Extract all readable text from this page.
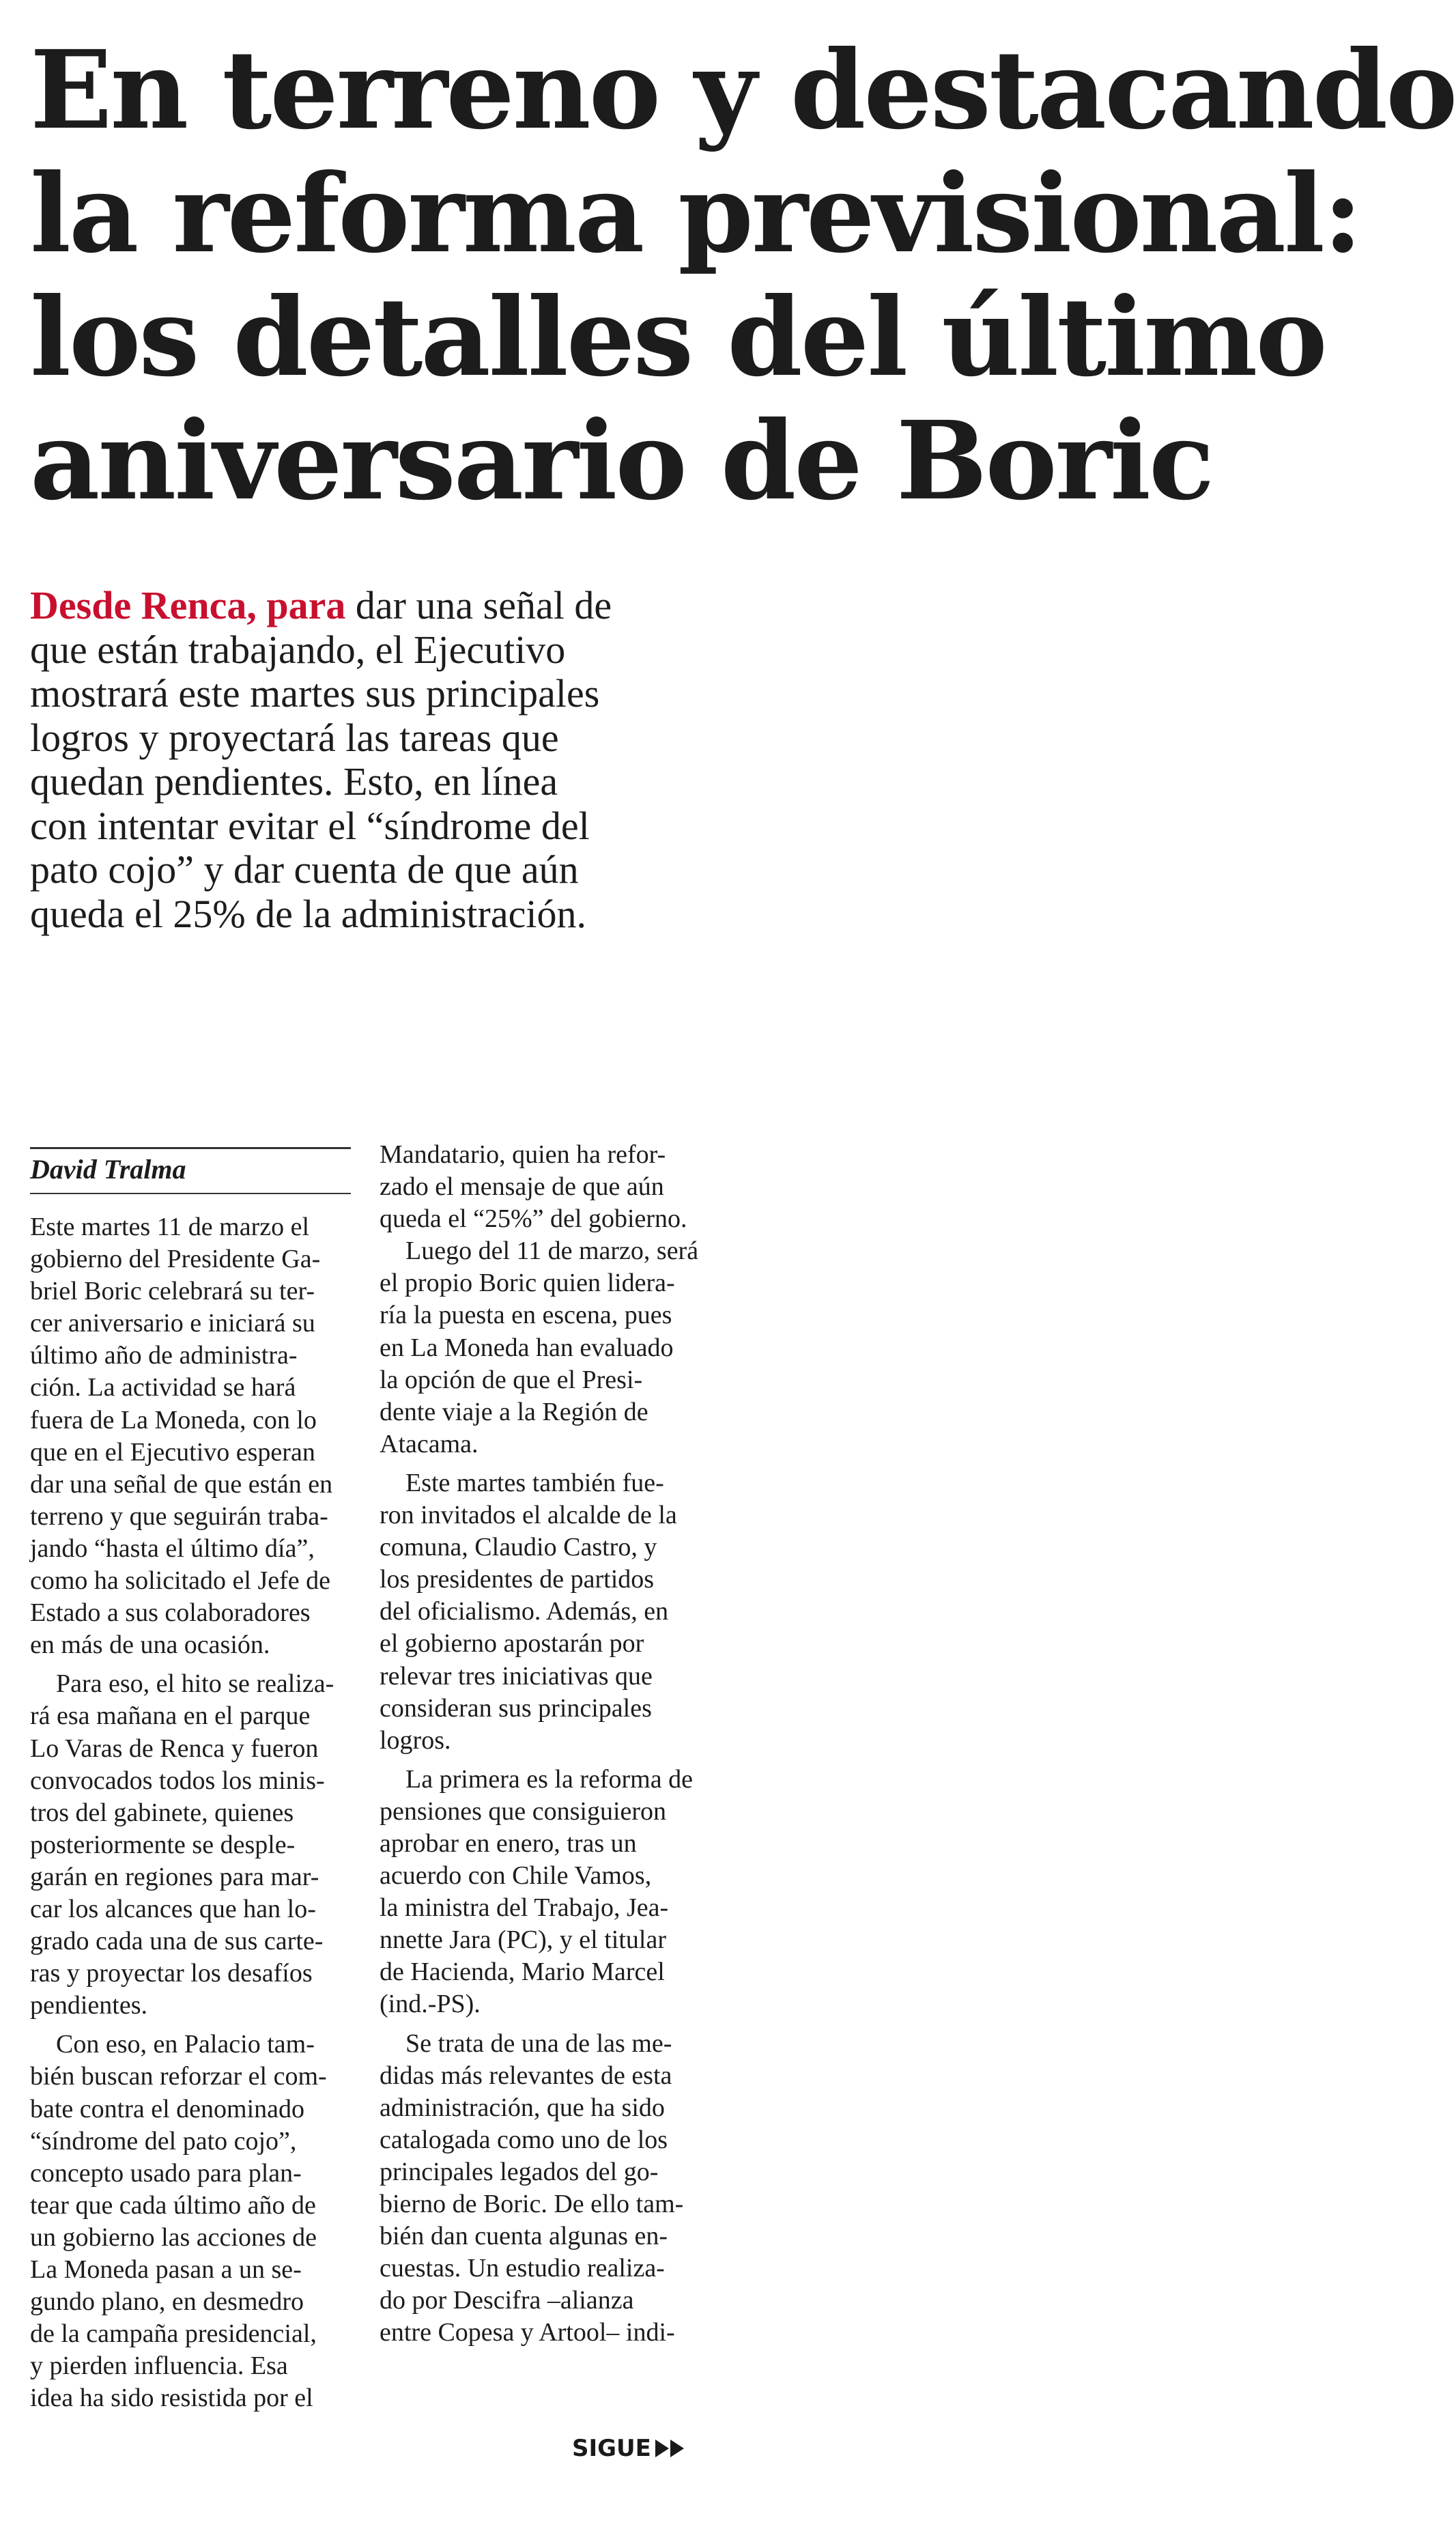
En terreno y destacando
la reforma previsional:
los detalles del último
aniversario de Boric
Desde Renca, para dar una señal de
que están trabajando, el Ejecutivo
mostrará este martes sus principales
logros y proyectará las tareas que
quedan pendientes. Esto, en línea
con intentar evitar el “síndrome del
pato cojo” y dar cuenta de que aún
queda el 25% de la administración.
David Tralma
Este martes 11 de marzo el
gobierno del Presidente Ga-
briel Boric celebrará su ter-
cer aniversario e iniciará su
último año de administra-
ción. La actividad se hará
fuera de La Moneda, con lo
que en el Ejecutivo esperan
dar una señal de que están en
terreno y que seguirán traba-
jando “hasta el último día”,
como ha solicitado el Jefe de
Estado a sus colaboradores
en más de una ocasión.
Para eso, el hito se realiza-
rá esa mañana en el parque
Lo Varas de Renca y fueron
convocados todos los minis-
tros del gabinete, quienes
posteriormente se desple-
garán en regiones para mar-
car los alcances que han lo-
grado cada una de sus carte-
ras y proyectar los desafíos
pendientes.
Con eso, en Palacio tam-
bién buscan reforzar el com-
bate contra el denominado
“síndrome del pato cojo”,
concepto usado para plan-
tear que cada último año de
un gobierno las acciones de
La Moneda pasan a un se-
gundo plano, en desmedro
de la campaña presidencial,
y pierden influencia. Esa
idea ha sido resistida por el
Mandatario, quien ha refor-
zado el mensaje de que aún
queda el “25%” del gobierno.
Luego del 11 de marzo, será
el propio Boric quien lidera-
ría la puesta en escena, pues
en La Moneda han evaluado
la opción de que el Presi-
dente viaje a la Región de
Atacama.
Este martes también fue-
ron invitados el alcalde de la
comuna, Claudio Castro, y
los presidentes de partidos
del oficialismo. Además, en
el gobierno apostarán por
relevar tres iniciativas que
consideran sus principales
logros.
La primera es la reforma de
pensiones que consiguieron
aprobar en enero, tras un
acuerdo con Chile Vamos,
la ministra del Trabajo, Jea-
nnette Jara (PC), y el titular
de Hacienda, Mario Marcel
(ind.-PS).
Se trata de una de las me-
didas más relevantes de esta
administración, que ha sido
catalogada como uno de los
principales legados del go-
bierno de Boric. De ello tam-
bién dan cuenta algunas en-
cuestas. Un estudio realiza-
do por Descifra –alianza
entre Copesa y Artool– indi-
SIGUE
